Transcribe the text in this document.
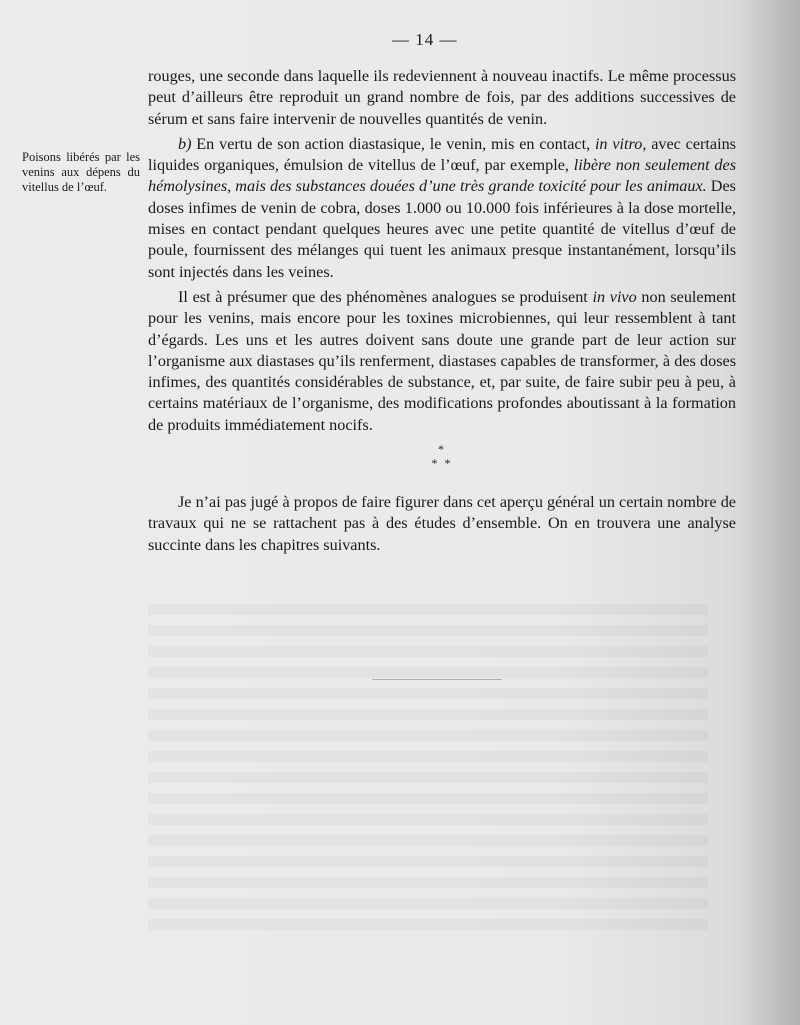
— 14 —
Poisons libérés par les venins aux dépens du vitellus de l’œuf.

rouges, une seconde dans laquelle ils redeviennent à nouveau inactifs. Le même processus peut d’ailleurs être reproduit un grand nombre de fois, par des additions successives de sérum et sans faire intervenir de nouvelles quantités de venin.

b) En vertu de son action diastasique, le venin, mis en contact, in vitro, avec certains liquides organiques, émulsion de vitellus de l’œuf, par exemple, libère non seulement des hémolysines, mais des substances douées d’une très grande toxicité pour les animaux. Des doses infimes de venin de cobra, doses 1.000 ou 10.000 fois inférieures à la dose mortelle, mises en contact pendant quelques heures avec une petite quantité de vitellus d’œuf de poule, fournissent des mélanges qui tuent les animaux presque instantanément, lorsqu’ils sont injectés dans les veines.

Il est à présumer que des phénomènes analogues se produisent in vivo non seulement pour les venins, mais encore pour les toxines microbiennes, qui leur ressemblent à tant d’égards. Les uns et les autres doivent sans doute une grande part de leur action sur l’organisme aux diastases qu’ils renferment, diastases capables de transformer, à des doses infimes, des quantités considérables de substance, et, par suite, de faire subir peu à peu, à certains matériaux de l’organisme, des modifications profondes aboutissant à la formation de produits immédiatement nocifs.

*
* *

Je n’ai pas jugé à propos de faire figurer dans cet aperçu général un certain nombre de travaux qui ne se rattachent pas à des études d’ensemble. On en trouvera une analyse succinte dans les chapitres suivants.
